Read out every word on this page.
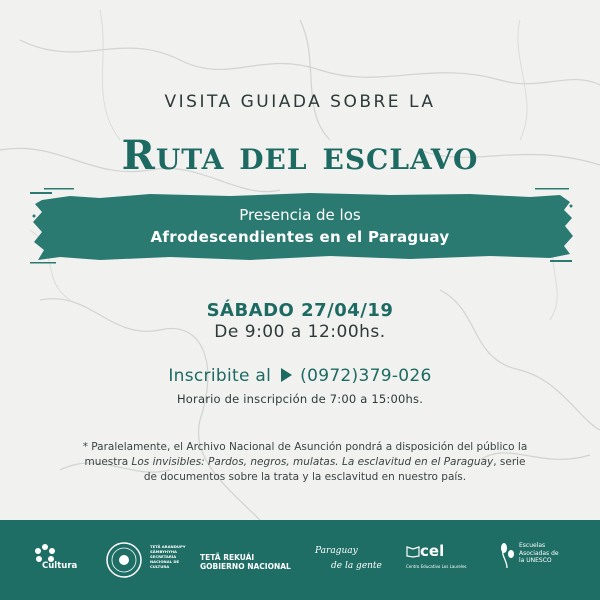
VISITA GUIADA SOBRE LA
Ruta del esclavo
Presencia de los
Afrodescendientes en el Paraguay
SÁBADO 27/04/19
De 9:00 a 12:00hs.
Inscribite al (0972)379-026
Horario de inscripción de 7:00 a 15:00hs.
* Paralelamente, el Archivo Nacional de Asunción pondrá a disposición del público la muestra Los invisibles: Pardos, negros, mulatas. La esclavitud en el Paraguay, serie de documentos sobre la trata y la esclavitud en nuestro país.
Cultura
TETÃ ARANDUPY SÃMBYHYHA SECRETARÍA NACIONAL DE CULTURA
TETÃ REKUÁI
GOBIERNO NACIONAL
Paraguay
de la gente
cel
Centro Educativo Los Laureles
Escuelas
Asociadas de
la UNESCO
